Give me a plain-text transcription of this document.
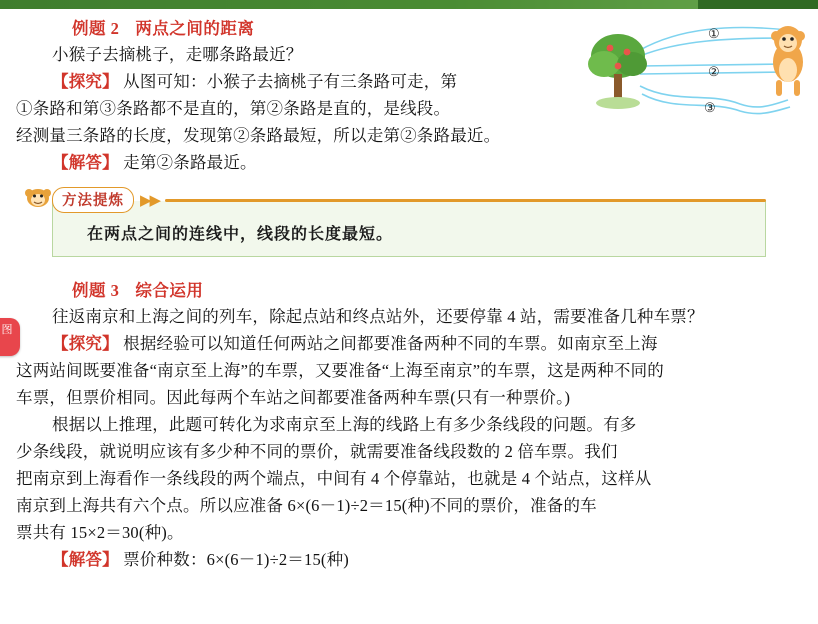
图
①
②
③
例题 2 两点之间的距离

小猴子去摘桃子，走哪条路最近？

【探究】 从图可知：小猴子去摘桃子有三条路可走，第

①条路和第③条路都不是直的，第②条路是直的，是线段。

经测量三条路的长度，发现第②条路最短，所以走第②条路最近。

【解答】 走第②条路最近。

方法提炼	▶▶
在两点之间的连线中，线段的长度最短。
例题 3 综合运用

往返南京和上海之间的列车，除起点站和终点站外，还要停靠 4 站，需要准备几种车票？

【探究】 根据经验可以知道任何两站之间都要准备两种不同的车票。如南京至上海

这两站间既要准备“南京至上海”的车票，又要准备“上海至南京”的车票，这是两种不同的

车票，但票价相同。因此每两个车站之间都要准备两种车票(只有一种票价。)

根据以上推理，此题可转化为求南京至上海的线路上有多少条线段的问题。有多

少条线段，就说明应该有多少种不同的票价，就需要准备线段数的 2 倍车票。我们

把南京到上海看作一条线段的两个端点，中间有 4 个停靠站，也就是 4 个站点，这样从

南京到上海共有六个点。所以应准备 6×(6－1)÷2＝15(种)不同的票价，准备的车

票共有 15×2＝30(种)。

【解答】 票价种数：6×(6－1)÷2＝15(种)
